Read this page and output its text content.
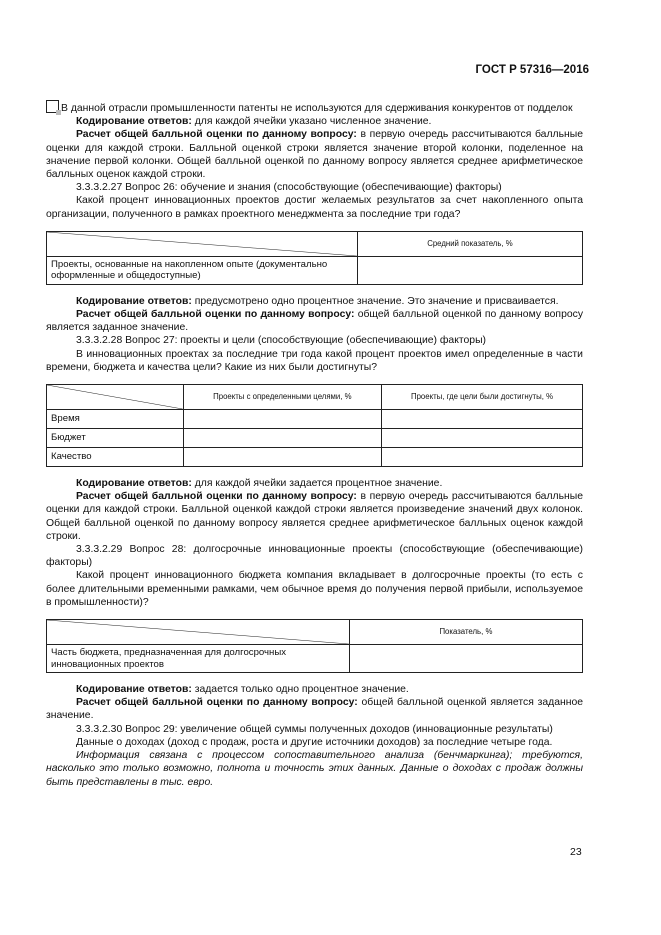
ГОСТ Р 57316—2016

В данной отрасли промышленности патенты не используются для сдерживания конкурентов от подделок

Кодирование ответов: для каждой ячейки указано численное значение.

Расчет общей балльной оценки по данному вопросу: в первую очередь рассчитываются балльные оценки для каждой строки. Балльной оценкой строки является значение второй колонки, поделенное на значение первой колонки. Общей балльной оценкой по данному вопросу является среднее арифметическое балльных оценок каждой строки.

3.3.3.2.27 Вопрос 26: обучение и знания (способствующие (обеспечивающие) факторы)

Какой процент инновационных проектов достиг желаемых результатов за счет накопленного опыта организации, полученного в рамках проектного менеджмента за последние три года?

	Средний показатель, %
Проекты, основанные на накопленном опыте (документально оформленные и общедоступные)	

Кодирование ответов: предусмотрено одно процентное значение. Это значение и присваивается.

Расчет общей балльной оценки по данному вопросу: общей балльной оценкой по данному вопросу является заданное значение.

3.3.3.2.28 Вопрос 27: проекты и цели (способствующие (обеспечивающие) факторы)

В инновационных проектах за последние три года какой процент проектов имел определенные в части времени, бюджета и качества цели? Какие из них были достигнуты?

	Проекты с определенными целями, %	Проекты, где цели были достигнуты, %
Время		
Бюджет		
Качество		

Кодирование ответов: для каждой ячейки задается процентное значение.

Расчет общей балльной оценки по данному вопросу: в первую очередь рассчитываются балльные оценки для каждой строки. Балльной оценкой каждой строки является произведение значений двух колонок. Общей балльной оценкой по данному вопросу является среднее арифметическое балльных оценок каждой строки.

3.3.3.2.29 Вопрос 28: долгосрочные инновационные проекты (способствующие (обеспечивающие) факторы)

Какой процент инновационного бюджета компания вкладывает в долгосрочные проекты (то есть с более длительными временными рамками, чем обычное время до получения первой прибыли, используемое в промышленности)?

	Показатель, %
Часть бюджета, предназначенная для долгосрочных инновационных проектов	

Кодирование ответов: задается только одно процентное значение.

Расчет общей балльной оценки по данному вопросу: общей балльной оценкой является заданное значение.

3.3.3.2.30 Вопрос 29: увеличение общей суммы полученных доходов (инновационные результаты)

Данные о доходах (доход с продаж, роста и другие источники доходов) за последние четыре года.

Информация связана с процессом сопоставительного анализа (бенчмаркинга); требуются, насколько это только возможно, полнота и точность этих данных. Данные о доходах с продаж должны быть представлены в тыс. евро.

23
